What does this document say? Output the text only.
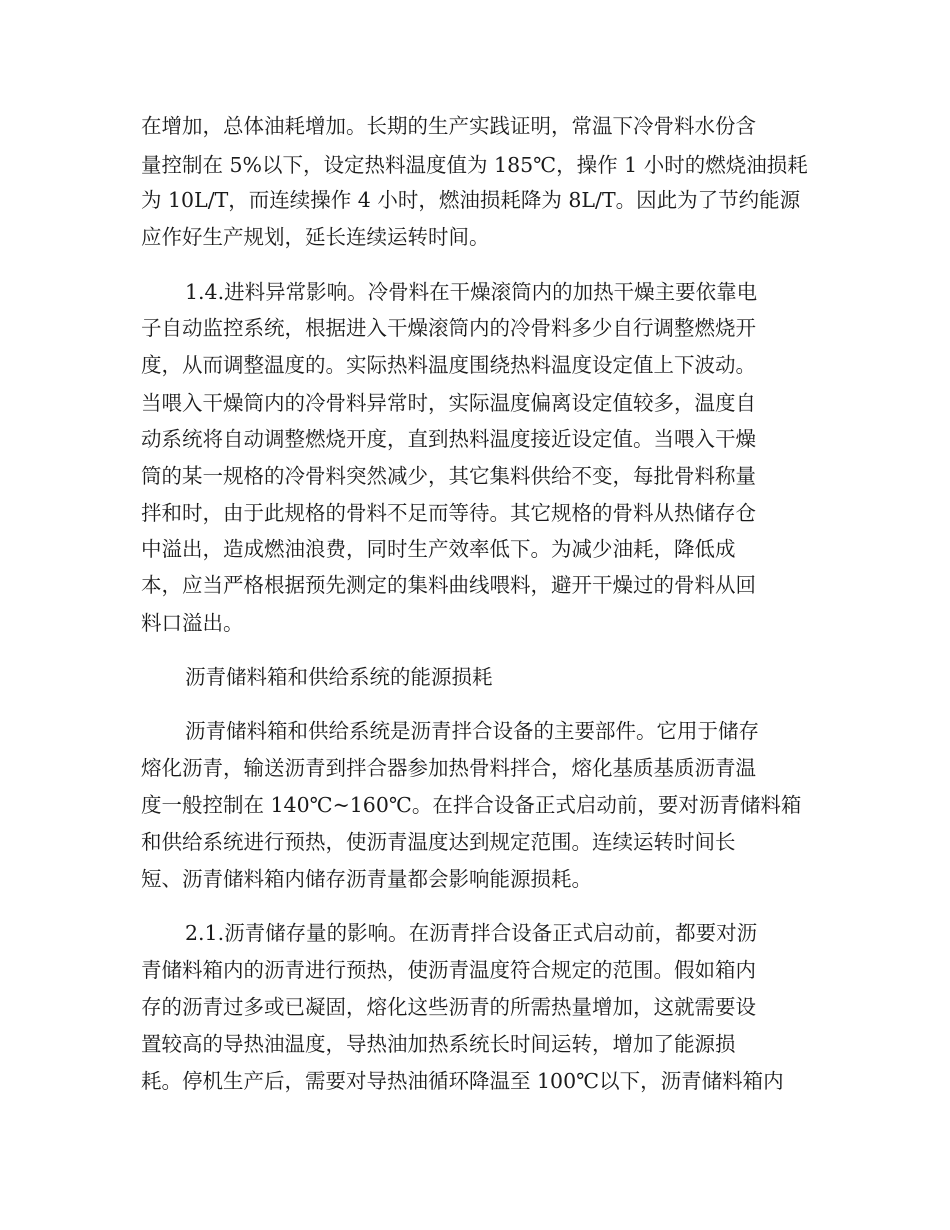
在增加，总体油耗增加。长期的生产实践证明，常温下冷骨料水份含
量控制在 5%以下，设定热料温度值为 185℃，操作 1 小时的燃烧油损耗
为 10L/T，而连续操作 4 小时，燃油损耗降为 8L/T。因此为了节约能源
应作好生产规划，延长连续运转时间。
1.4.进料异常影响。冷骨料在干燥滚筒内的加热干燥主要依靠电
子自动监控系统，根据进入干燥滚筒内的冷骨料多少自行调整燃烧开
度，从而调整温度的。实际热料温度围绕热料温度设定值上下波动。
当喂入干燥筒内的冷骨料异常时，实际温度偏离设定值较多，温度自
动系统将自动调整燃烧开度，直到热料温度接近设定值。当喂入干燥
筒的某一规格的冷骨料突然减少，其它集料供给不变，每批骨料称量
拌和时，由于此规格的骨料不足而等待。其它规格的骨料从热储存仓
中溢出，造成燃油浪费，同时生产效率低下。为减少油耗，降低成
本，应当严格根据预先测定的集料曲线喂料，避开干燥过的骨料从回
料口溢出。
沥青储料箱和供给系统的能源损耗
沥青储料箱和供给系统是沥青拌合设备的主要部件。它用于储存
熔化沥青，输送沥青到拌合器参加热骨料拌合，熔化基质基质沥青温
度一般控制在 140℃~160℃。在拌合设备正式启动前，要对沥青储料箱
和供给系统进行预热，使沥青温度达到规定范围。连续运转时间长
短、沥青储料箱内储存沥青量都会影响能源损耗。
2.1.沥青储存量的影响。在沥青拌合设备正式启动前，都要对沥
青储料箱内的沥青进行预热，使沥青温度符合规定的范围。假如箱内
存的沥青过多或已凝固，熔化这些沥青的所需热量增加，这就需要设
置较高的导热油温度，导热油加热系统长时间运转，增加了能源损
耗。停机生产后，需要对导热油循环降温至 100℃以下，沥青储料箱内
